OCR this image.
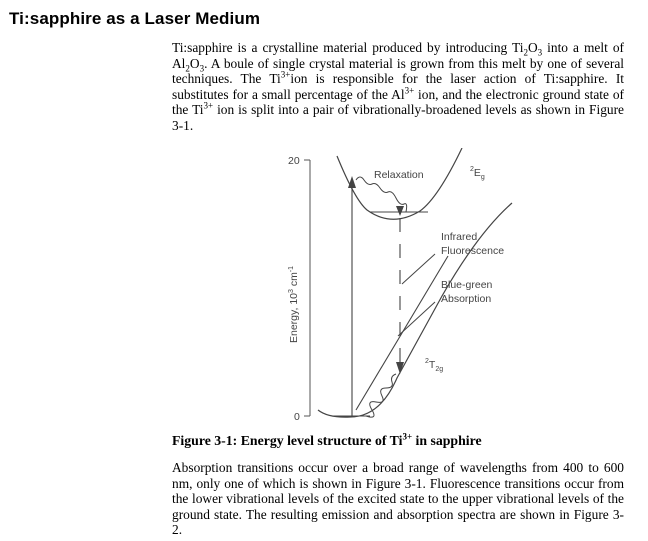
Ti:sapphire as a Laser Medium
Ti:sapphire is a crystalline material produced by introducing $Ti_2O_3$ into a melt of $Al_2O_3$. A boule of single crystal material is grown from this melt by one of several techniques. The $Ti^{3+}ion$ is responsible for the laser action of Ti:sapphire. It substitutes for a small percentage of the $Al^{3+}$ ion, and the electronic ground state of the $Ti^{3+}$ ion is split into a pair of vibrationally-broadened levels as shown in Figure 3-1.
20
0
Energy, $10^3$ $cm^{-1}$
Relaxation	$^2E_g$
Infrared
Fluorescence
Blue-green
Absorption
$^2T_{2g}$
Figure 3-1: Energy level structure of $Ti^{3+}$ in sapphire
Absorption transitions occur over a broad range of wavelengths from 400 to 600 nm, only one of which is shown in Figure 3-1. Fluorescence transitions occur from the lower vibrational levels of the excited state to the upper vibrational levels of the ground state. The resulting emission and absorption spectra are shown in Figure 3-2.
